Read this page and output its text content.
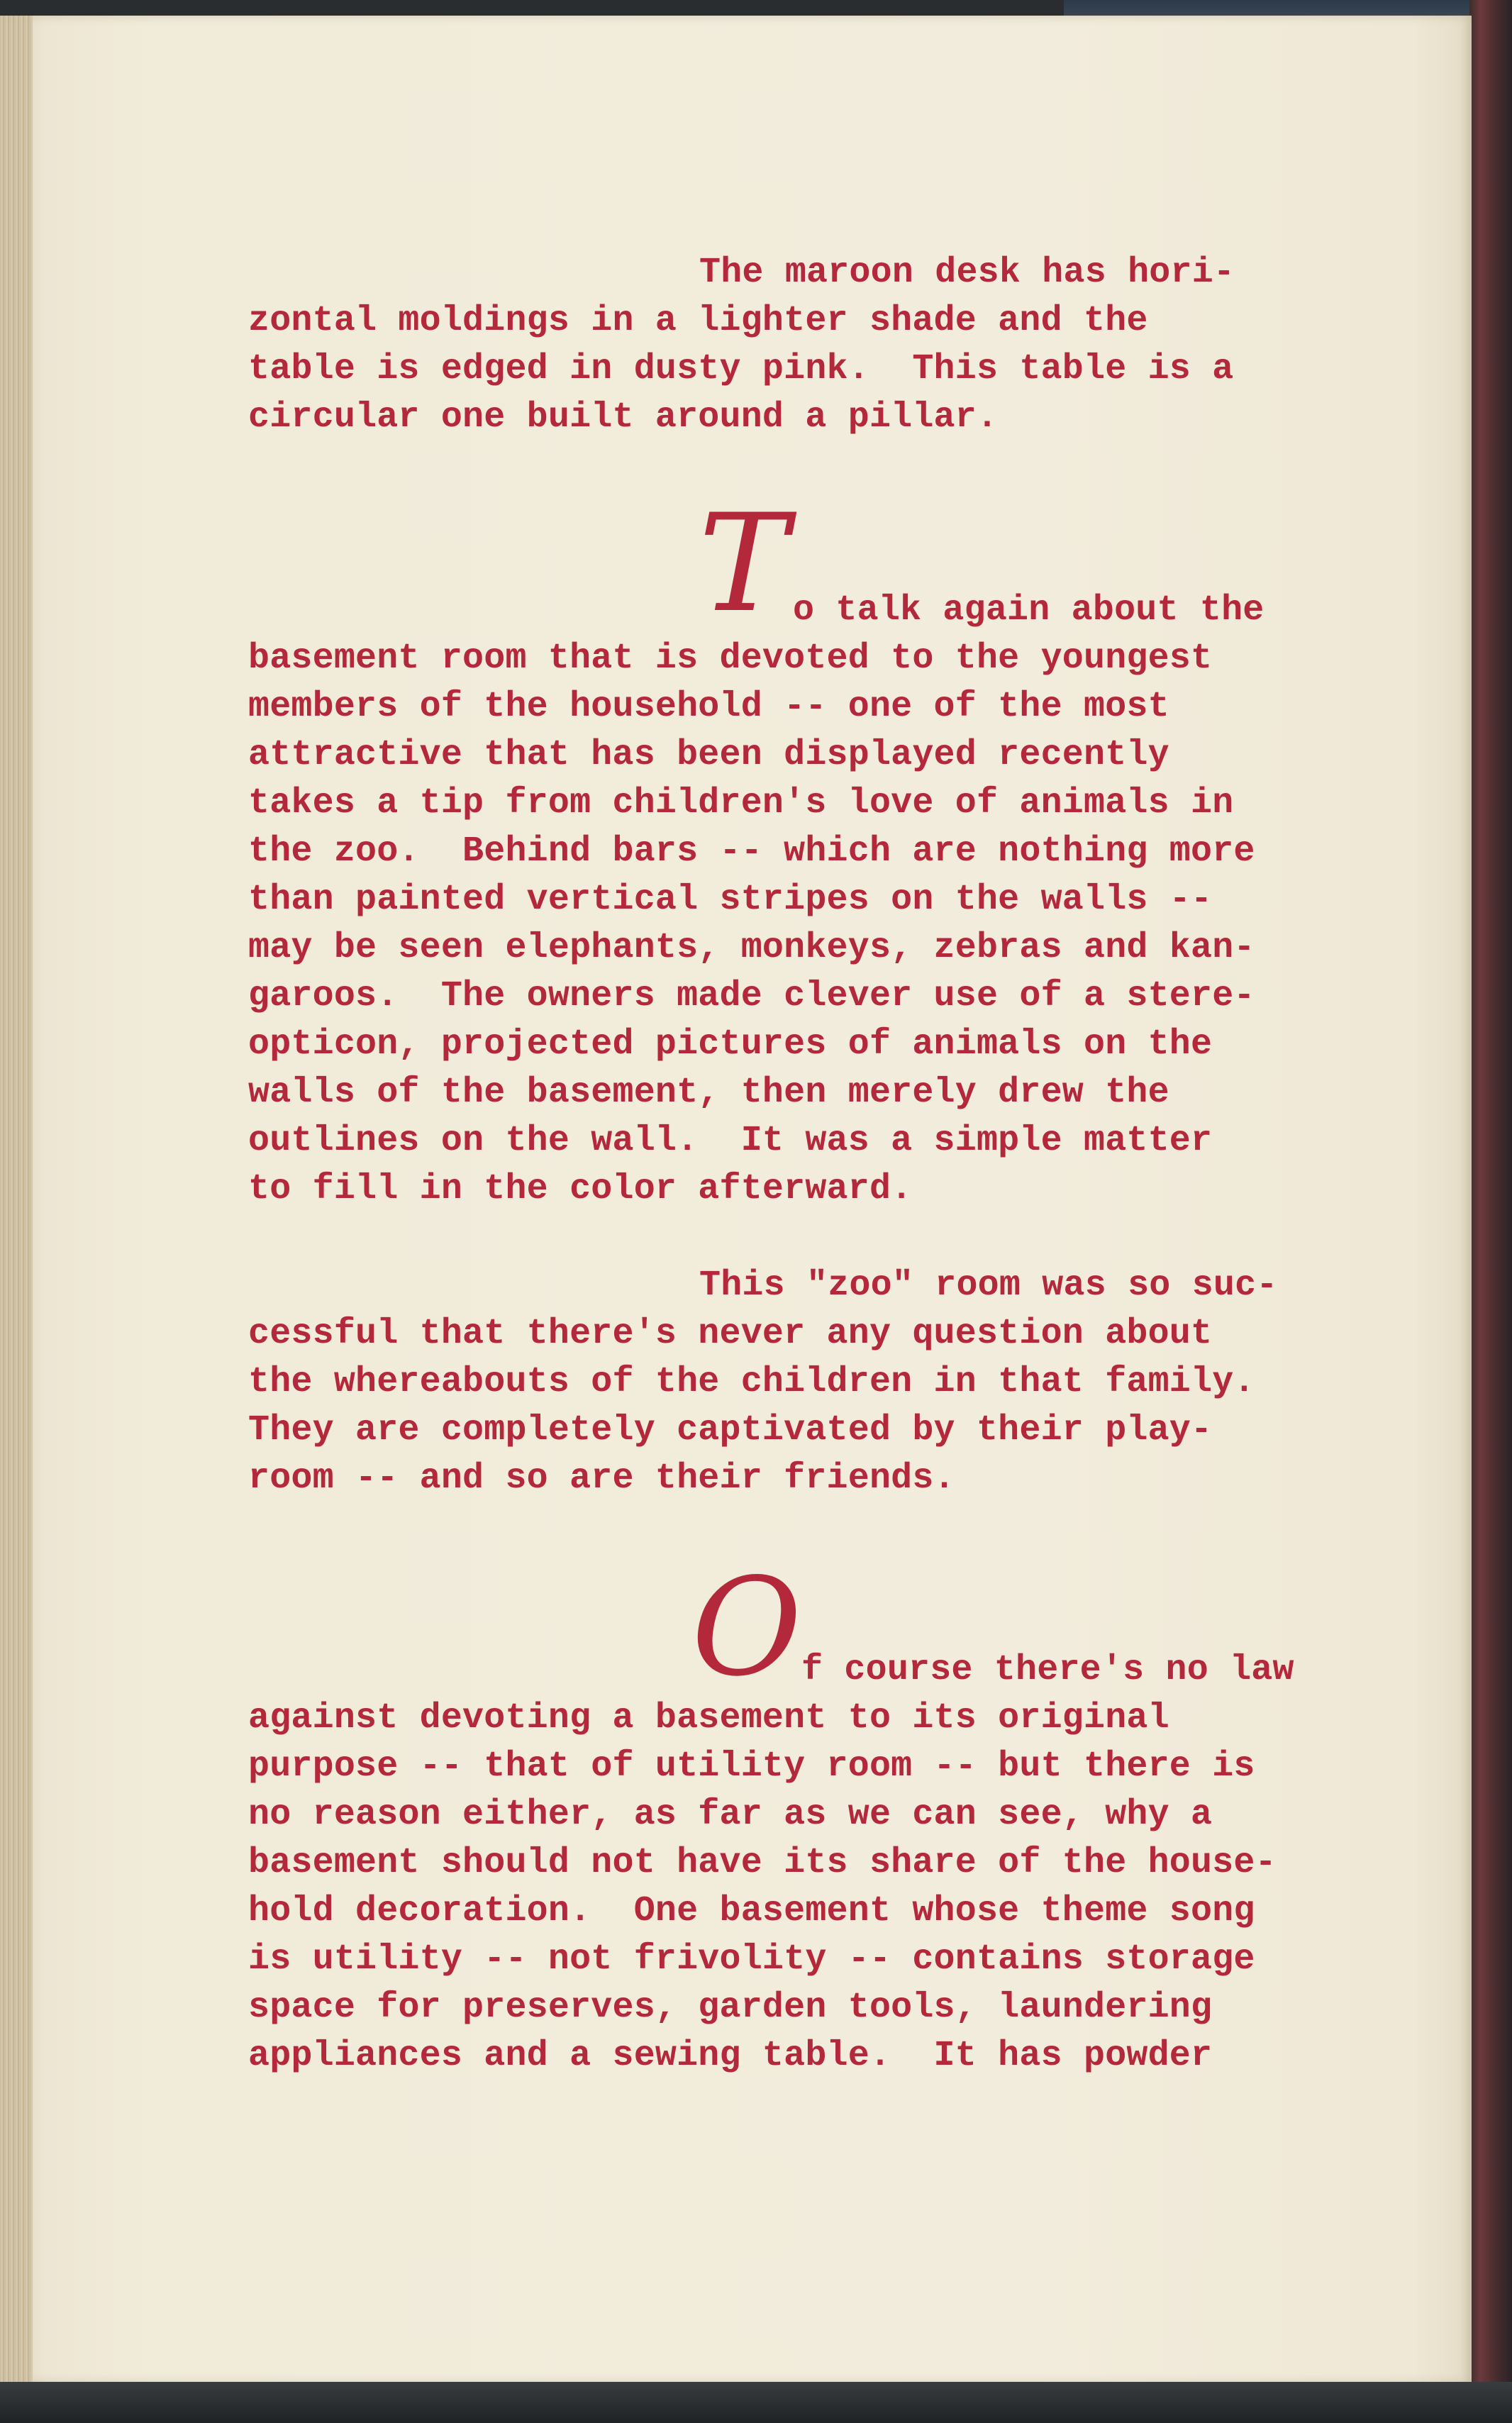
The maroon desk has hori-
zontal moldings in a lighter shade and the
table is edged in dusty pink.  This table is a
circular one built around a pillar.
T o talk again about the
basement room that is devoted to the youngest
members of the household -- one of the most
attractive that has been displayed recently
takes a tip from children's love of animals in
the zoo.  Behind bars -- which are nothing more
than painted vertical stripes on the walls --
may be seen elephants, monkeys, zebras and kan-
garoos.  The owners made clever use of a stere-
opticon, projected pictures of animals on the
walls of the basement, then merely drew the
outlines on the wall.  It was a simple matter
to fill in the color afterward.
This "zoo" room was so suc-
cessful that there's never any question about
the whereabouts of the children in that family.
They are completely captivated by their play-
room -- and so are their friends.
O f course there's no law
against devoting a basement to its original
purpose -- that of utility room -- but there is
no reason either, as far as we can see, why a
basement should not have its share of the house-
hold decoration.  One basement whose theme song
is utility -- not frivolity -- contains storage
space for preserves, garden tools, laundering
appliances and a sewing table.  It has powder
